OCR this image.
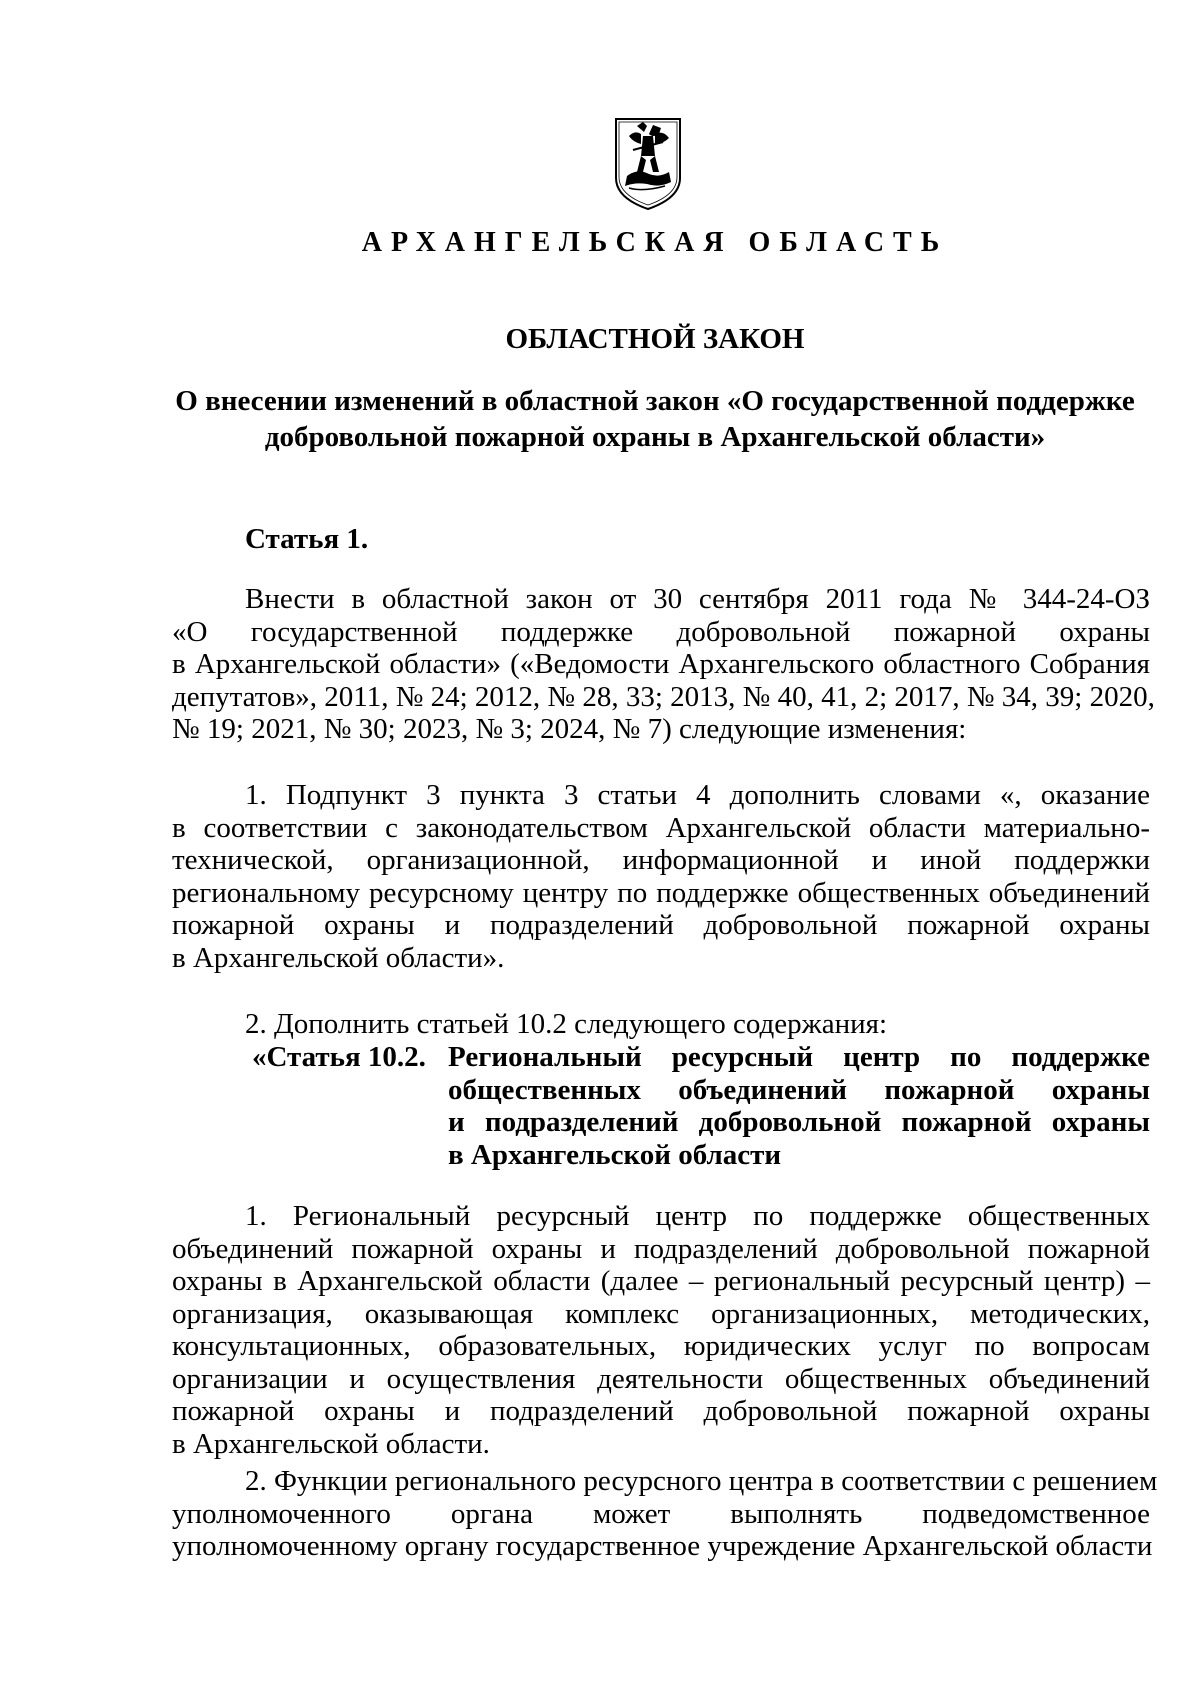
АРХАНГЕЛЬСКАЯ ОБЛАСТЬ
ОБЛАСТНОЙ ЗАКОН
О внесении изменений в областной закон «О государственной поддержке
добровольной пожарной охраны в Архангельской области»
Статья 1.
Внести в областной закон от 30 сентября 2011 года № 344-24-ОЗ
«О государственной поддержке добровольной пожарной охраны
в Архангельской области» («Ведомости Архангельского областного Собрания
депутатов», 2011, № 24; 2012, № 28, 33; 2013, № 40, 41, 2; 2017, № 34, 39; 2020,
№ 19; 2021, № 30; 2023, № 3; 2024, № 7) следующие изменения:
1. Подпункт 3 пункта 3 статьи 4 дополнить словами «, оказание
в соответствии с законодательством Архангельской области материально-
технической, организационной, информационной и иной поддержки
региональному ресурсному центру по поддержке общественных объединений
пожарной охраны и подразделений добровольной пожарной охраны
в Архангельской области».
2. Дополнить статьей 10.2 следующего содержания:
«Статья 10.2. Региональный ресурсный центр по поддержке
общественных объединений пожарной охраны
и подразделений добровольной пожарной охраны
в Архангельской области
1. Региональный ресурсный центр по поддержке общественных
объединений пожарной охраны и подразделений добровольной пожарной
охраны в Архангельской области (далее – региональный ресурсный центр) –
организация, оказывающая комплекс организационных, методических,
консультационных, образовательных, юридических услуг по вопросам
организации и осуществления деятельности общественных объединений
пожарной охраны и подразделений добровольной пожарной охраны
в Архангельской области.
2. Функции регионального ресурсного центра в соответствии с решением
уполномоченного органа может выполнять подведомственное
уполномоченному органу государственное учреждение Архангельской области
